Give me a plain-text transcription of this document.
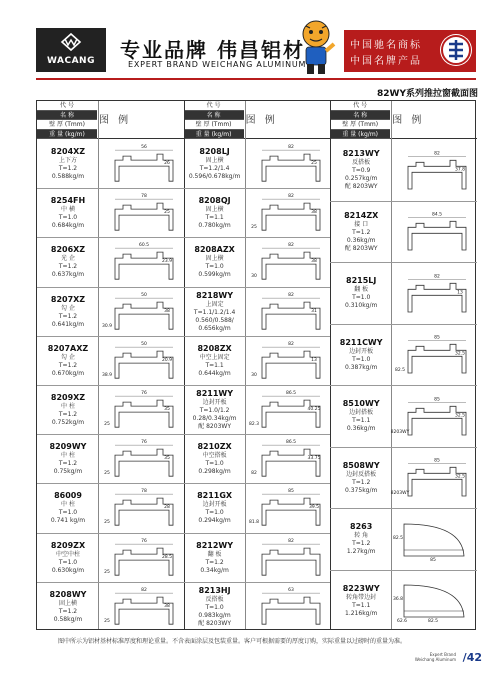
WACANG	专业品牌 伟昌铝材
EXPERT BRAND WEICHANG ALUMINUM
中国驰名商标
中国名牌产品
82WY系列推拉窗截面图
代 号
名 称
壁 厚 (Tmm)
重 量 (kg/m)
图 例
8204XZ
上下方
T=1.2
0.588kg/m
56
26
8254FH
中 横
T=1.0
0.684kg/m
78
25
8206XZ
光 企
T=1.2
0.637kg/m
60.5
23.9
8207XZ
勾 企
T=1.2
0.641kg/m
50
38
30.9
8207AXZ
勾 企
T=1.2
0.670kg/m
50
20.9
38.9
8209XZ
中 柱
T=1.2
0.752kg/m
76
35
25
8209WY
中 柱
T=1.2
0.75kg/m
76
35
25
86009
中 柱
T=1.0
0.741 kg/m
78
28
25
8209ZX
中空中柱
T=1.0
0.630kg/m
76
28.5
25
8208WY
固上横
T=1.2
0.58kg/m
82
38
25
代 号
名 称
壁 厚 (Tmm)
重 量 (kg/m)
图 例
8208LJ
固上横
T=1.2/1.4
0.596/0.678kg/m
82
25
8208QJ
固上横
T=1.1
0.780kg/m
82
38
25
8208AZX
固上横
T=1.0
0.599kg/m
82
38
30
8218WY
上固定
T=1.1/1.2/1.4
0.560/0.588/
0.656kg/m
82
31
8208ZX
中空上固定
T=1.1
0.644kg/m
82
13
30
8211WY
边封开板
T=1.0/1.2
0.28/0.34kg/m
配 8203WY
86.5
40.25
82.3
8210ZX
中空搭板
T=1.0
0.298kg/m
86.5
33.75
82
8211GX
边封开板
T=1.0
0.294kg/m
85
39.5
81.8
8212WY
翻 板
T=1.2
0.34kg/m
82
8213HJ
反搭板
T=1.0
0.983kg/m
配 8203WY
63
代 号
名 称
壁 厚 (Tmm)
重 量 (kg/m)
图 例
8213WY
反搭板
T=0.9
0.257kg/m
配 8203WY
82
37.8
8214ZX
接 口
T=1.2
0.36kg/m
配 8203WY
84.5
8215LJ
翻 板
T=1.0
0.310kg/m
82
13
8211CWY
边封开板
T=1.0
0.387kg/m
85
32.5
82.5
8510WY
边封搭板
T=1.1
0.36kg/m
85
32.5
8203WY
8508WY
边封反搭板
T=1.2
0.375kg/m
85
32.5
8203WY
8263
转 角
T=1.2
1.27kg/m
82.5
85
8223WY
转角带边封
T=1.1
1.216kg/m
36.8
82.5
62.6
图中所示为铝材基材标准厚度和理论重量。不含表面涂层及包装重量。客户可根据需要的厚度订购，实际重量以过磅时的重量为准。
Expert Brand
Weichang Aluminum /42
